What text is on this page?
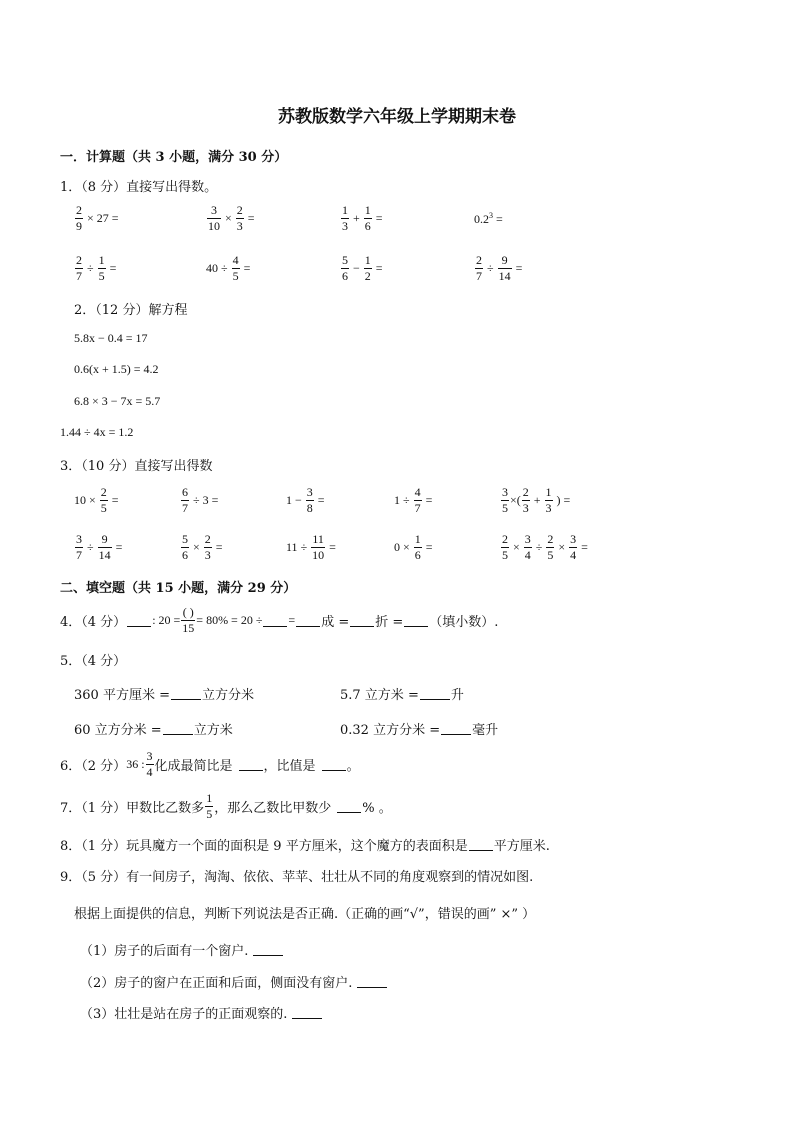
苏教版数学六年级上学期期末卷
一．计算题（共 3 小题，满分 30 分）
1．（8 分）直接写出得数。
$\frac{2}{9} \times 27$ =	$\frac{3}{10} \times \frac{2}{3}$ =	$\frac{1}{3} + \frac{1}{6}$ =	$0.2^3$ =
$\frac{2}{7} \div \frac{1}{5}$ =	$40 \div \frac{4}{5}$ =	$\frac{5}{6} - \frac{1}{2}$ =	$\frac{2}{7} \div \frac{9}{14}$ =
2．（12 分）解方程
5.8x − 0.4 = 17
0.6(x + 1.5) = 4.2
6.8 × 3 − 7x = 5.7
1.44 ÷ 4x = 1.2
3．（10 分）直接写出得数
$10 \times \frac{2}{5}$ =	$\frac{6}{7} \div 3$ =	$1 - \frac{3}{8}$ =	$1 \div \frac{4}{7}$ =	$\frac{3}{5}$ ×( $\frac{2}{3} + \frac{1}{3}$ ) =
$\frac{3}{7} \div \frac{9}{14}$ =	$\frac{5}{6} \times \frac{2}{3}$ =	$11 \div \frac{11}{10}$ =	$0 \times \frac{1}{6}$ =	$\frac{2}{5} \times \frac{3}{4} \div \frac{2}{5} \times \frac{3}{4}$ =
二、填空题（共 15 小题，满分 29 分）
4．（4 分） : $20 = \frac{( )}{15} = 80\% = 20$ ÷ = 成 = 折 = （填小数）.
5．（4 分）
360 平方厘米 = 立方分米	5.7 立方米 = 升
60 立方分米 = 立方米	0.32 立方分米 = 毫升
6．（2 分） 36 : $\frac{3}{4}$ 化成最简比是 ，比值是 。
7．（1 分）甲数比乙数多 $\frac{1}{5}$ ，那么乙数比甲数少 % 。
8．（1 分）玩具魔方一个面的面积是 9 平方厘米，这个魔方的表面积是 平方厘米.
9．（5 分）有一间房子，淘淘、依依、苹苹、壮壮从不同的角度观察到的情况如图.
根据上面提供的信息，判断下列说法是否正确.（正确的画“√”，错误的画” ×” ）
（1）房子的后面有一个窗户.
（2）房子的窗户在正面和后面，侧面没有窗户.
（3）壮壮是站在房子的正面观察的.
